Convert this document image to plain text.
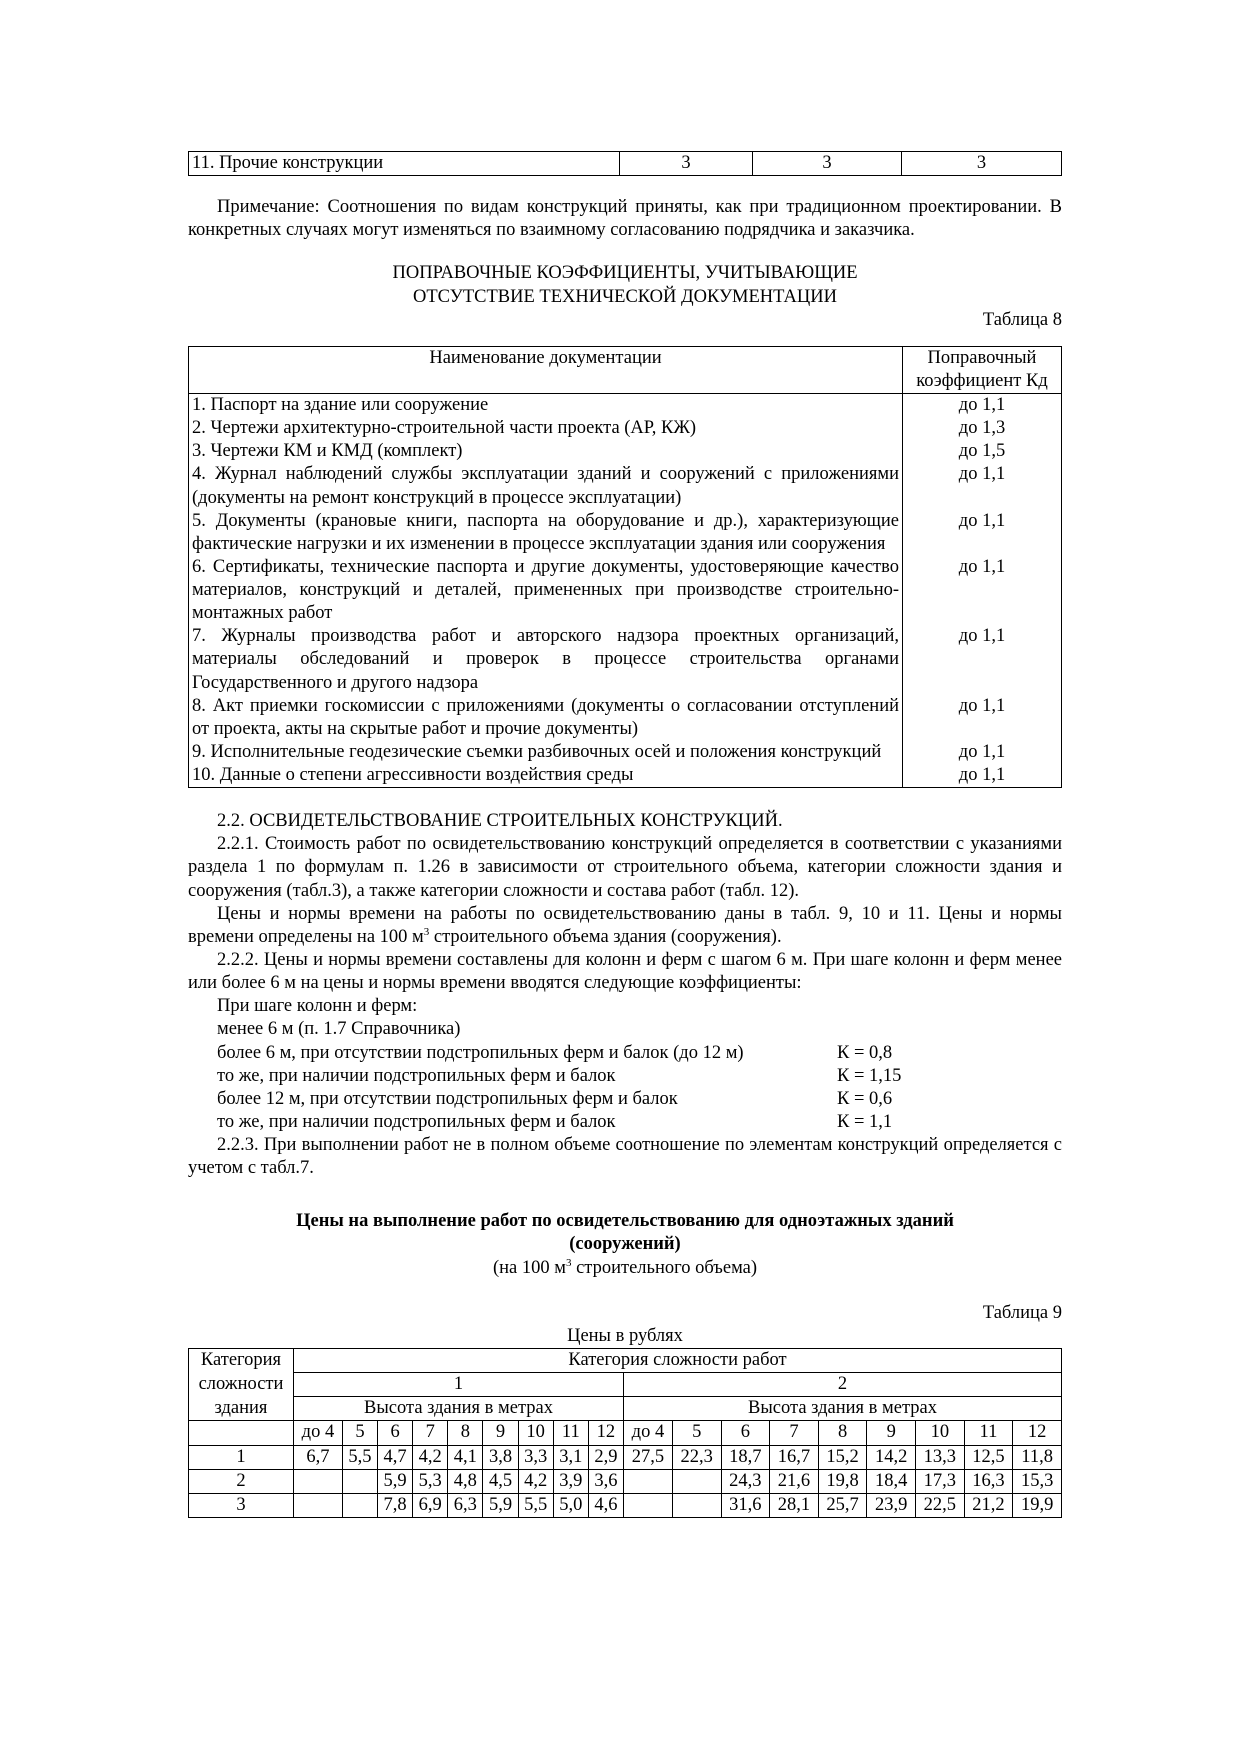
11. Прочие конструкции	3	3	3
Примечание: Соотношения по видам конструкций приняты, как при традиционном проектировании. В конкретных случаях могут изменяться по взаимному согласованию подрядчика и заказчика.
ПОПРАВОЧНЫЕ КОЭФФИЦИЕНТЫ, УЧИТЫВАЮЩИЕ
ОТСУТСТВИЕ ТЕХНИЧЕСКОЙ ДОКУМЕНТАЦИИ
Таблица 8
Наименование документации	Поправочный коэффициент Кд
1. Паспорт на здание или сооружение	до 1,1
2. Чертежи архитектурно-строительной части проекта (АР, КЖ)	до 1,3
3. Чертежи КМ и КМД (комплект)	до 1,5
4. Журнал наблюдений службы эксплуатации зданий и сооружений с приложениями (документы на ремонт конструкций в процессе эксплуатации)	до 1,1
5. Документы (крановые книги, паспорта на оборудование и др.), характеризующие фактические нагрузки и их изменении в процессе эксплуатации здания или сооружения	до 1,1
6. Сертификаты, технические паспорта и другие документы, удостоверяющие качество материалов, конструкций и деталей, примененных при производстве строительно-монтажных работ	до 1,1
7. Журналы производства работ и авторского надзора проектных организаций, материалы обследований и проверок в процессе строительства органами Государственного и другого надзора	до 1,1
8. Акт приемки госкомиссии с приложениями (документы о согласовании отступлений от проекта, акты на скрытые работ и прочие документы)	до 1,1
9. Исполнительные геодезические съемки разбивочных осей и положения конструкций	до 1,1
10. Данные о степени агрессивности воздействия среды	до 1,1
2.2. ОСВИДЕТЕЛЬСТВОВАНИЕ СТРОИТЕЛЬНЫХ КОНСТРУКЦИЙ.
2.2.1. Стоимость работ по освидетельствованию конструкций определяется в соответствии с указаниями раздела 1 по формулам п. 1.26 в зависимости от строительного объема, категории сложности здания и сооружения (табл.3), а также категории сложности и состава работ (табл. 12).
Цены и нормы времени на работы по освидетельствованию даны в табл. 9, 10 и 11. Цены и нормы времени определены на 100 $м^3$ строительного объема здания (сооружения).
2.2.2. Цены и нормы времени составлены для колонн и ферм с шагом 6 м. При шаге колонн и ферм менее или более 6 м на цены и нормы времени вводятся следующие коэффициенты:
При шаге колонн и ферм:
менее 6 м (п. 1.7 Справочника)
более 6 м, при отсутствии подстропильных ферм и балок (до 12 м)	К = 0,8
то же, при наличии подстропильных ферм и балок	К = 1,15
более 12 м, при отсутствии подстропильных ферм и балок	К = 0,6
то же, при наличии подстропильных ферм и балок	К = 1,1
2.2.3. При выполнении работ не в полном объеме соотношение по элементам конструкций определяется с учетом с табл.7.
Цены на выполнение работ по освидетельствованию для одноэтажных зданий
(сооружений)
(на 100 $м^3$ строительного объема)
Таблица 9
Цены в рублях
Категория	Категория сложности работ																	
сложности	1									2								
здания	Высота здания в метрах									Высота здания в метрах								
	до 4	5	6	7	8	9	10	11	12	до 4	5	6	7	8	9	10	11	12
1	6,7	5,5	4,7	4,2	4,1	3,8	3,3	3,1	2,9	27,5	22,3	18,7	16,7	15,2	14,2	13,3	12,5	11,8
2			5,9	5,3	4,8	4,5	4,2	3,9	3,6			24,3	21,6	19,8	18,4	17,3	16,3	15,3
3			7,8	6,9	6,3	5,9	5,5	5,0	4,6			31,6	28,1	25,7	23,9	22,5	21,2	19,9
